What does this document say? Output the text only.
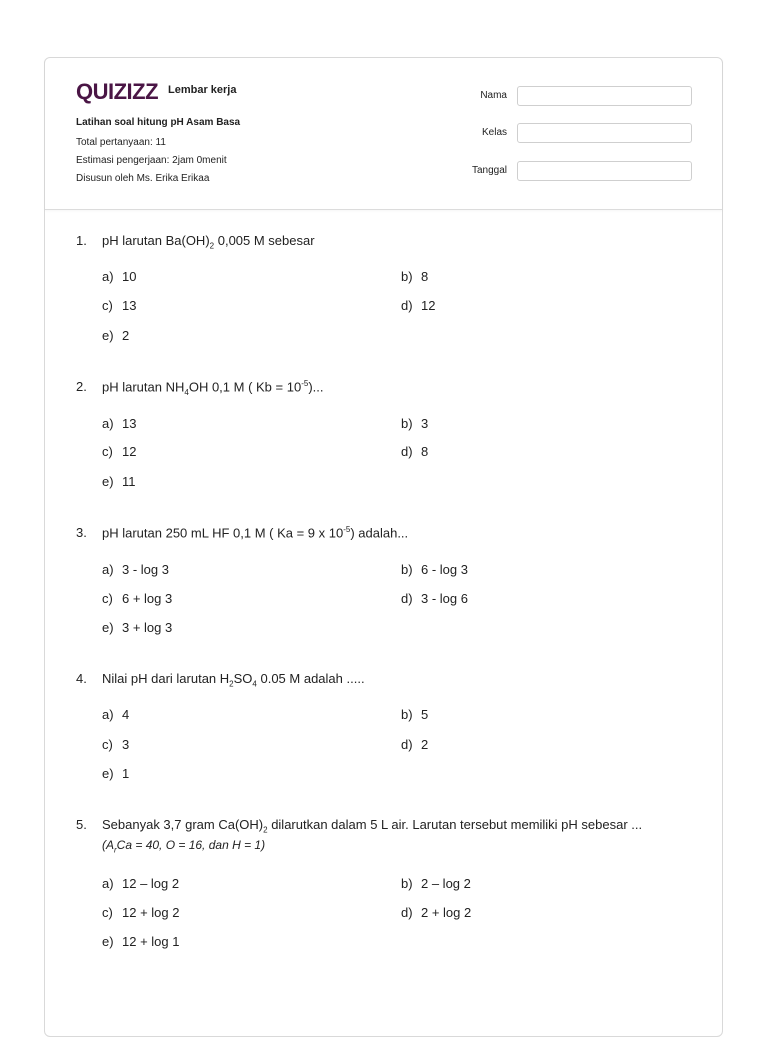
QUIZIZZ Lembar kerja
Latihan soal hitung pH Asam Basa
Total pertanyaan: 11
Estimasi pengerjaan: 2jam 0menit
Disusun oleh Ms. Erika Erikaa
Nama
Kelas
Tanggal
1. pH larutan $Ba(OH)_2$ 0,005 M sebesar
a) 10	b) 8
c) 13	d) 12
e) 2
2. pH larutan $NH_4OH$ 0,1 M ( $Kb = 10^{-5}$)...
a) 13	b) 3
c) 12	d) 8
e) 11
3. pH larutan 250 mL HF 0,1 M ( Ka = 9 x $10^{-5}$) adalah...
a) 3 - log 3	b) 6 - log 3
c) 6 + log 3	d) 3 - log 6
e) 3 + log 3
4. Nilai pH dari larutan $H_2SO_4$ 0.05 M adalah .....
a) 4	b) 5
c) 3	d) 2
e) 1
5. Sebanyak 3,7 gram $Ca(OH)_2$ dilarutkan dalam 5 L air. Larutan tersebut memiliki pH sebesar ...
($A_rCa = 40$, O = 16, dan H = 1)
a) 12 – log 2	b) 2 – log 2
c) 12 + log 2	d) 2 + log 2
e) 12 + log 1
